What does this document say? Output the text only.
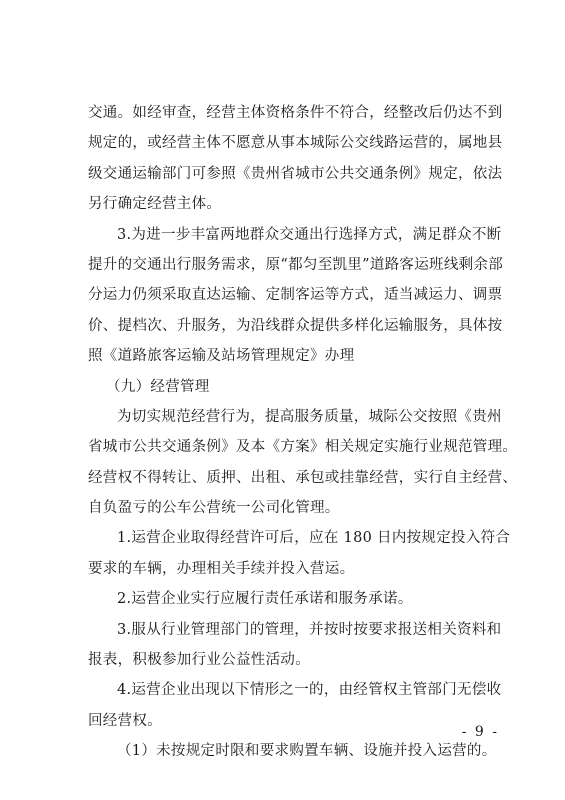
交通。如经审查，经营主体资格条件不符合，经整改后仍达不到
规定的，或经营主体不愿意从事本城际公交线路运营的，属地县
级交通运输部门可参照《贵州省城市公共交通条例》规定，依法
另行确定经营主体。
3.为进一步丰富两地群众交通出行选择方式，满足群众不断
提升的交通出行服务需求，原“都匀至凯里”道路客运班线剩余部
分运力仍须采取直达运输、定制客运等方式，适当减运力、调票
价、提档次、升服务，为沿线群众提供多样化运输服务，具体按
照《道路旅客运输及站场管理规定》办理
（九）经营管理
为切实规范经营行为，提高服务质量，城际公交按照《贵州
省城市公共交通条例》及本《方案》相关规定实施行业规范管理。
经营权不得转让、质押、出租、承包或挂靠经营，实行自主经营、
自负盈亏的公车公营统一公司化管理。
1.运营企业取得经营许可后，应在 180 日内按规定投入符合
要求的车辆，办理相关手续并投入营运。
2.运营企业实行应履行责任承诺和服务承诺。
3.服从行业管理部门的管理，并按时按要求报送相关资料和
报表，积极参加行业公益性活动。
4.运营企业出现以下情形之一的，由经管权主管部门无偿收
回经营权。
（1）未按规定时限和要求购置车辆、设施并投入运营的。
- 9 -
